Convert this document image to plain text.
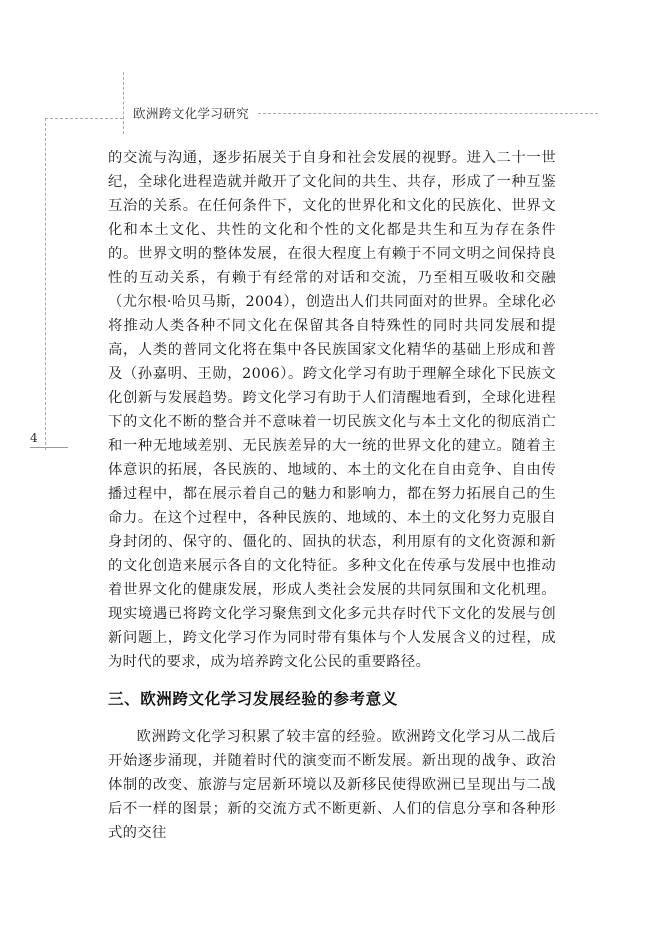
欧洲跨文化学习研究
4

的交流与沟通，逐步拓展关于自身和社会发展的视野。进入二十一世纪，全球化进程造就并敞开了文化间的共生、共存，形成了一种互鉴互治的关系。在任何条件下，文化的世界化和文化的民族化、世界文化和本土文化、共性的文化和个性的文化都是共生和互为存在条件的。世界文明的整体发展，在很大程度上有赖于不同文明之间保持良性的互动关系，有赖于有经常的对话和交流，乃至相互吸收和交融（尤尔根·哈贝马斯，2004），创造出人们共同面对的世界。全球化必将推动人类各种不同文化在保留其各自特殊性的同时共同发展和提高，人类的普同文化将在集中各民族国家文化精华的基础上形成和普及（孙嘉明、王勋，2006）。跨文化学习有助于理解全球化下民族文化创新与发展趋势。跨文化学习有助于人们清醒地看到，全球化进程下的文化不断的整合并不意味着一切民族文化与本土文化的彻底消亡和一种无地域差别、无民族差异的大一统的世界文化的建立。随着主体意识的拓展，各民族的、地域的、本土的文化在自由竞争、自由传播过程中，都在展示着自己的魅力和影响力，都在努力拓展自己的生命力。在这个过程中，各种民族的、地域的、本土的文化努力克服自身封闭的、保守的、僵化的、固执的状态，利用原有的文化资源和新的文化创造来展示各自的文化特征。多种文化在传承与发展中也推动着世界文化的健康发展，形成人类社会发展的共同氛围和文化机理。现实境遇已将跨文化学习聚焦到文化多元共存时代下文化的发展与创新问题上，跨文化学习作为同时带有集体与个人发展含义的过程，成为时代的要求，成为培养跨文化公民的重要路径。

三、欧洲跨文化学习发展经验的参考意义

欧洲跨文化学习积累了较丰富的经验。欧洲跨文化学习从二战后开始逐步涌现，并随着时代的演变而不断发展。新出现的战争、政治体制的改变、旅游与定居新环境以及新移民使得欧洲已呈现出与二战后不一样的图景；新的交流方式不断更新、人们的信息分享和各种形式的交往
